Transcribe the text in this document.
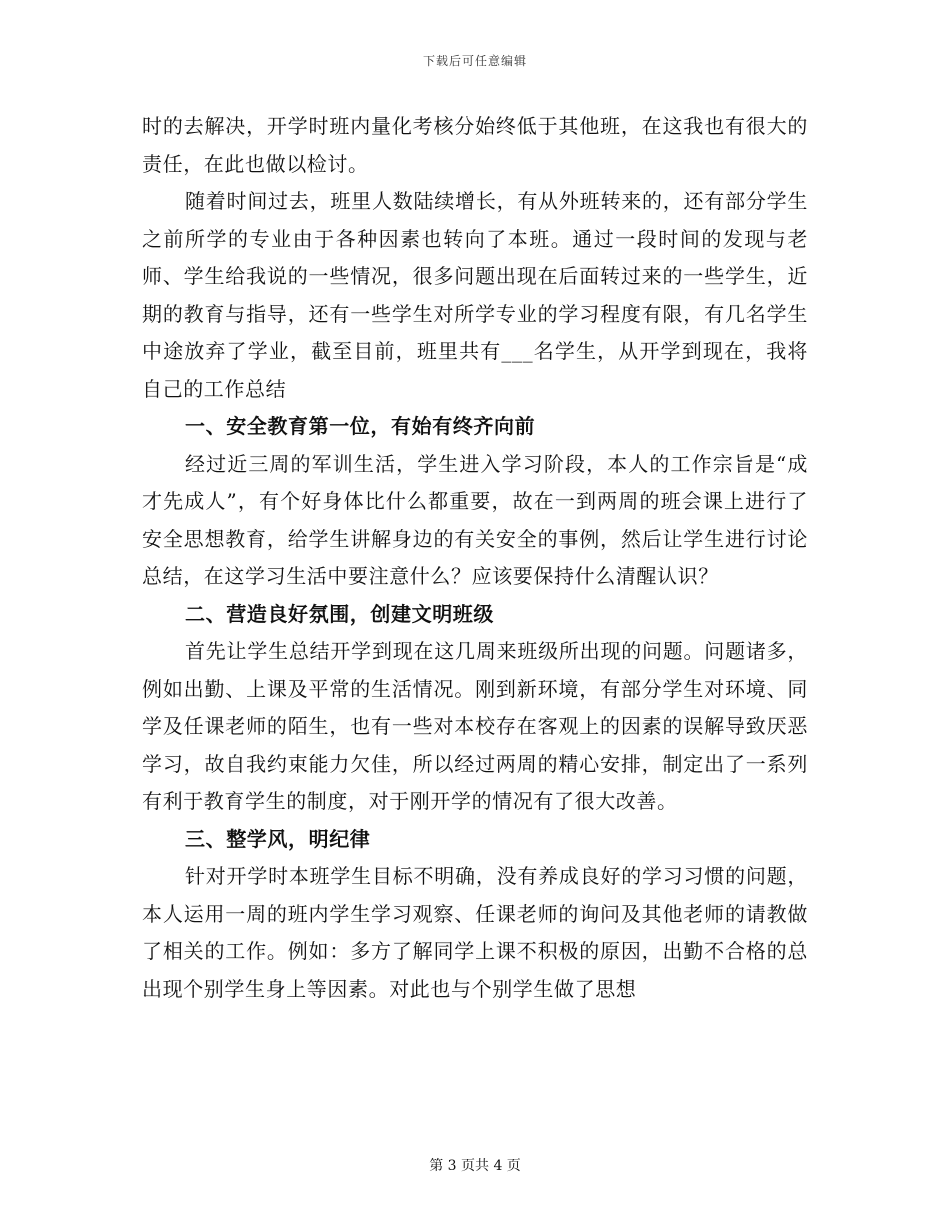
下载后可任意编辑

时的去解决，开学时班内量化考核分始终低于其他班，在这我也有很大的责任，在此也做以检讨。

随着时间过去，班里人数陆续增长，有从外班转来的，还有部分学生之前所学的专业由于各种因素也转向了本班。通过一段时间的发现与老师、学生给我说的一些情况，很多问题出现在后面转过来的一些学生，近期的教育与指导，还有一些学生对所学专业的学习程度有限，有几名学生中途放弃了学业，截至目前，班里共有___名学生，从开学到现在，我将自己的工作总结

一、安全教育第一位，有始有终齐向前

经过近三周的军训生活，学生进入学习阶段，本人的工作宗旨是“成才先成人”，有个好身体比什么都重要，故在一到两周的班会课上进行了安全思想教育，给学生讲解身边的有关安全的事例，然后让学生进行讨论总结，在这学习生活中要注意什么？应该要保持什么清醒认识？

二、营造良好氛围，创建文明班级

首先让学生总结开学到现在这几周来班级所出现的问题。问题诸多，例如出勤、上课及平常的生活情况。刚到新环境，有部分学生对环境、同学及任课老师的陌生，也有一些对本校存在客观上的因素的误解导致厌恶学习，故自我约束能力欠佳，所以经过两周的精心安排，制定出了一系列有利于教育学生的制度，对于刚开学的情况有了很大改善。

三、整学风，明纪律

针对开学时本班学生目标不明确，没有养成良好的学习习惯的问题，本人运用一周的班内学生学习观察、任课老师的询问及其他老师的请教做了相关的工作。例如：多方了解同学上课不积极的原因，出勤不合格的总出现个别学生身上等因素。对此也与个别学生做了思想

第 3 页共 4 页
